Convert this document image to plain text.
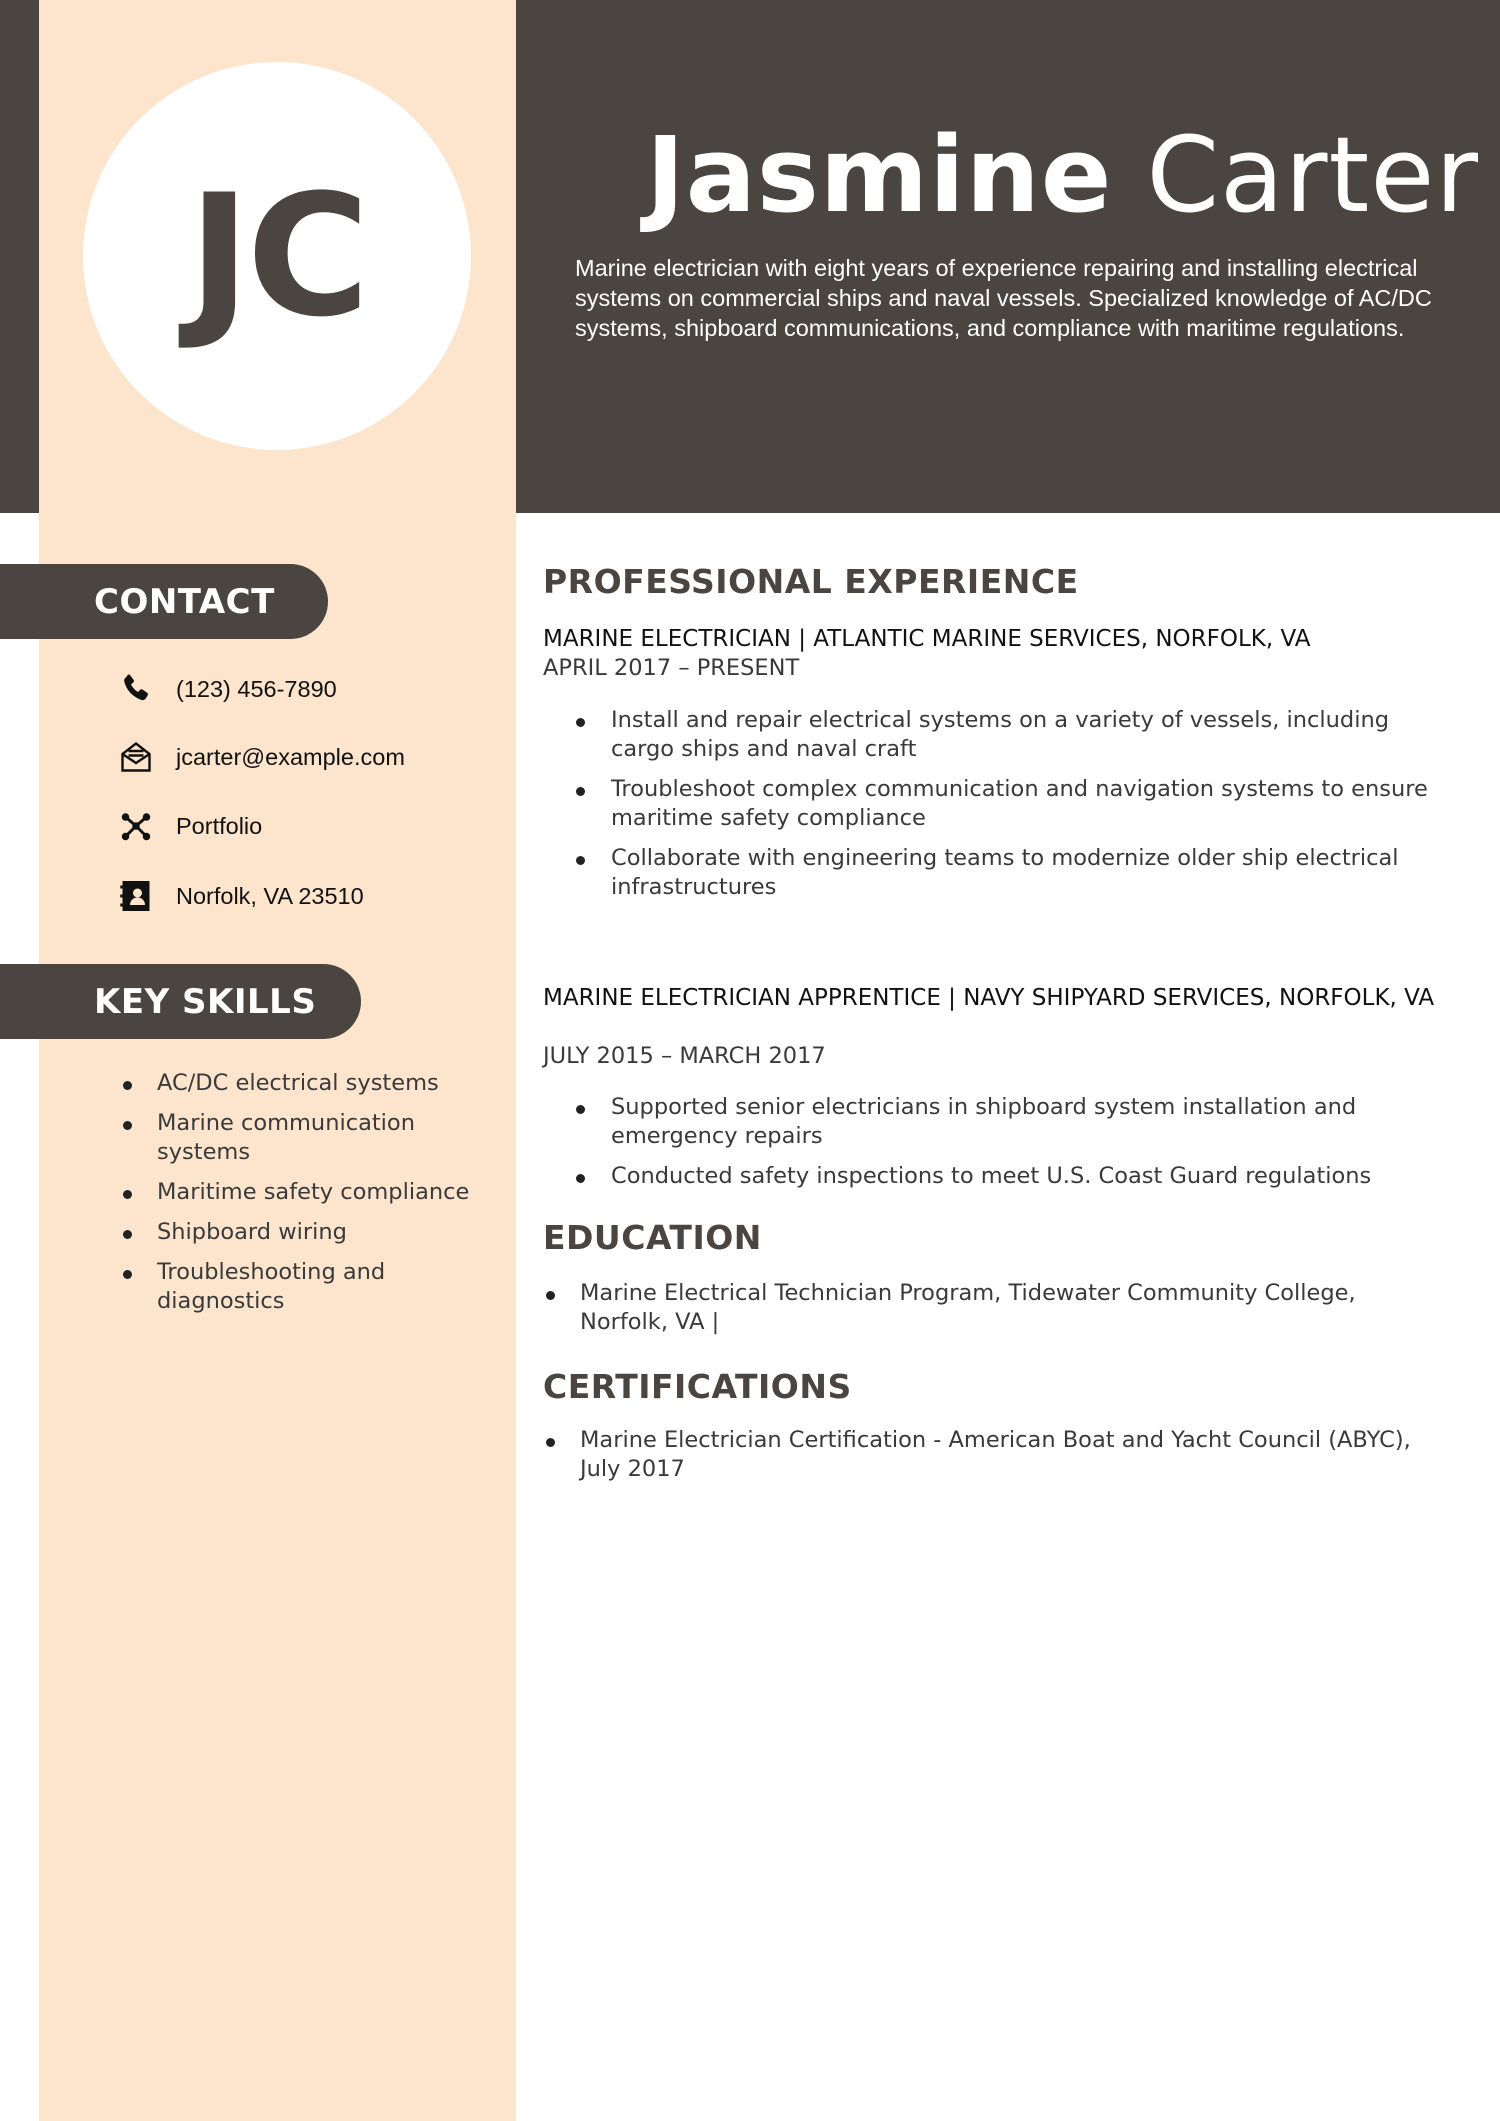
JC	Jasmine Carter

Marine electrician with eight years of experience repairing and installing electrical systems on commercial ships and naval vessels. Specialized knowledge of AC/DC systems, shipboard communications, and compliance with maritime regulations.

CONTACT
(123) 456-7890
jcarter@example.com
Portfolio
Norfolk, VA 23510
KEY SKILLS
AC/DC electrical systems
Marine communication systems
Maritime safety compliance
Shipboard wiring
Troubleshooting and diagnostics
PROFESSIONAL EXPERIENCE
MARINE ELECTRICIAN | ATLANTIC MARINE SERVICES, NORFOLK, VA
APRIL 2017 – PRESENT
Install and repair electrical systems on a variety of vessels, including cargo ships and naval craft
Troubleshoot complex communication and navigation systems to ensure maritime safety compliance
Collaborate with engineering teams to modernize older ship electrical infrastructures
MARINE ELECTRICIAN APPRENTICE | NAVY SHIPYARD SERVICES, NORFOLK, VA
JULY 2015 – MARCH 2017
Supported senior electricians in shipboard system installation and emergency repairs
Conducted safety inspections to meet U.S. Coast Guard regulations
EDUCATION
Marine Electrical Technician Program, Tidewater Community College, Norfolk, VA |
CERTIFICATIONS
Marine Electrician Certification - American Boat and Yacht Council (ABYC), July 2017
